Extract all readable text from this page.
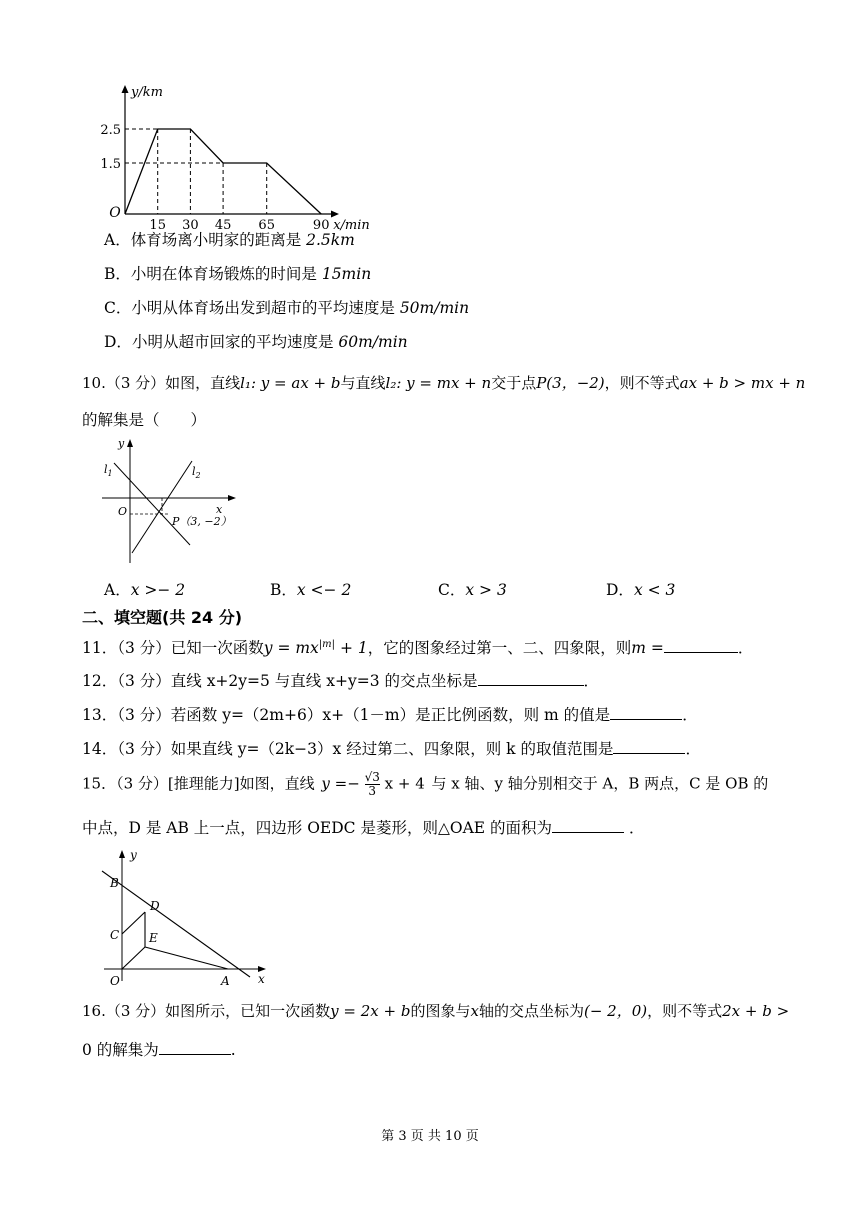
15 30 45 65	90
2.5
1.5
O
x/min
y/km
A．体育场离小明家的距离是 2.5km
B．小明在体育场锻炼的时间是 15min
C．小明从体育场出发到超市的平均速度是 50m/min
D．小明从超市回家的平均速度是 60m/min
10.（3 分）如图，直线l₁: y = ax + b与直线l₂: y = mx + n交于点P(3，−2)，则不等式ax + b > mx + n
的解集是（　　）
y
x
O
$l_1$	$l_2$
P（3, −2）
A．x >− 2	B．x <− 2	C．x > 3	D．x < 3
二、填空题(共 24 分)
11．（3 分）已知一次函数$y = mx^{|m|} + 1$，它的图象经过第一、二、四象限，则m =	．
12．（3 分）直线 x+2y=5 与直线 x+y=3 的交点坐标是	．
13．（3 分）若函数 y=（2m+6）x+（1－m）是正比例函数，则 m 的值是	．
14．（3 分）如果直线 y=（2k−3）x 经过第二、四象限，则 k 的取值范围是	．
15．（3 分）[推理能力]如图，直线 $y =- \frac{√3}{3}$ x + 4 与 x 轴、y 轴分别相交于 A，B 两点，C 是 OB 的
中点，D 是 AB 上一点，四边形 OEDC 是菱形，则△OAE 的面积为	．
y
x
O
B
C
D
E
A
16.（3 分）如图所示，已知一次函数y = 2x + b的图象与x轴的交点坐标为(− 2，0)，则不等式2x + b >
0 的解集为	.
第 3 页 共 10 页
